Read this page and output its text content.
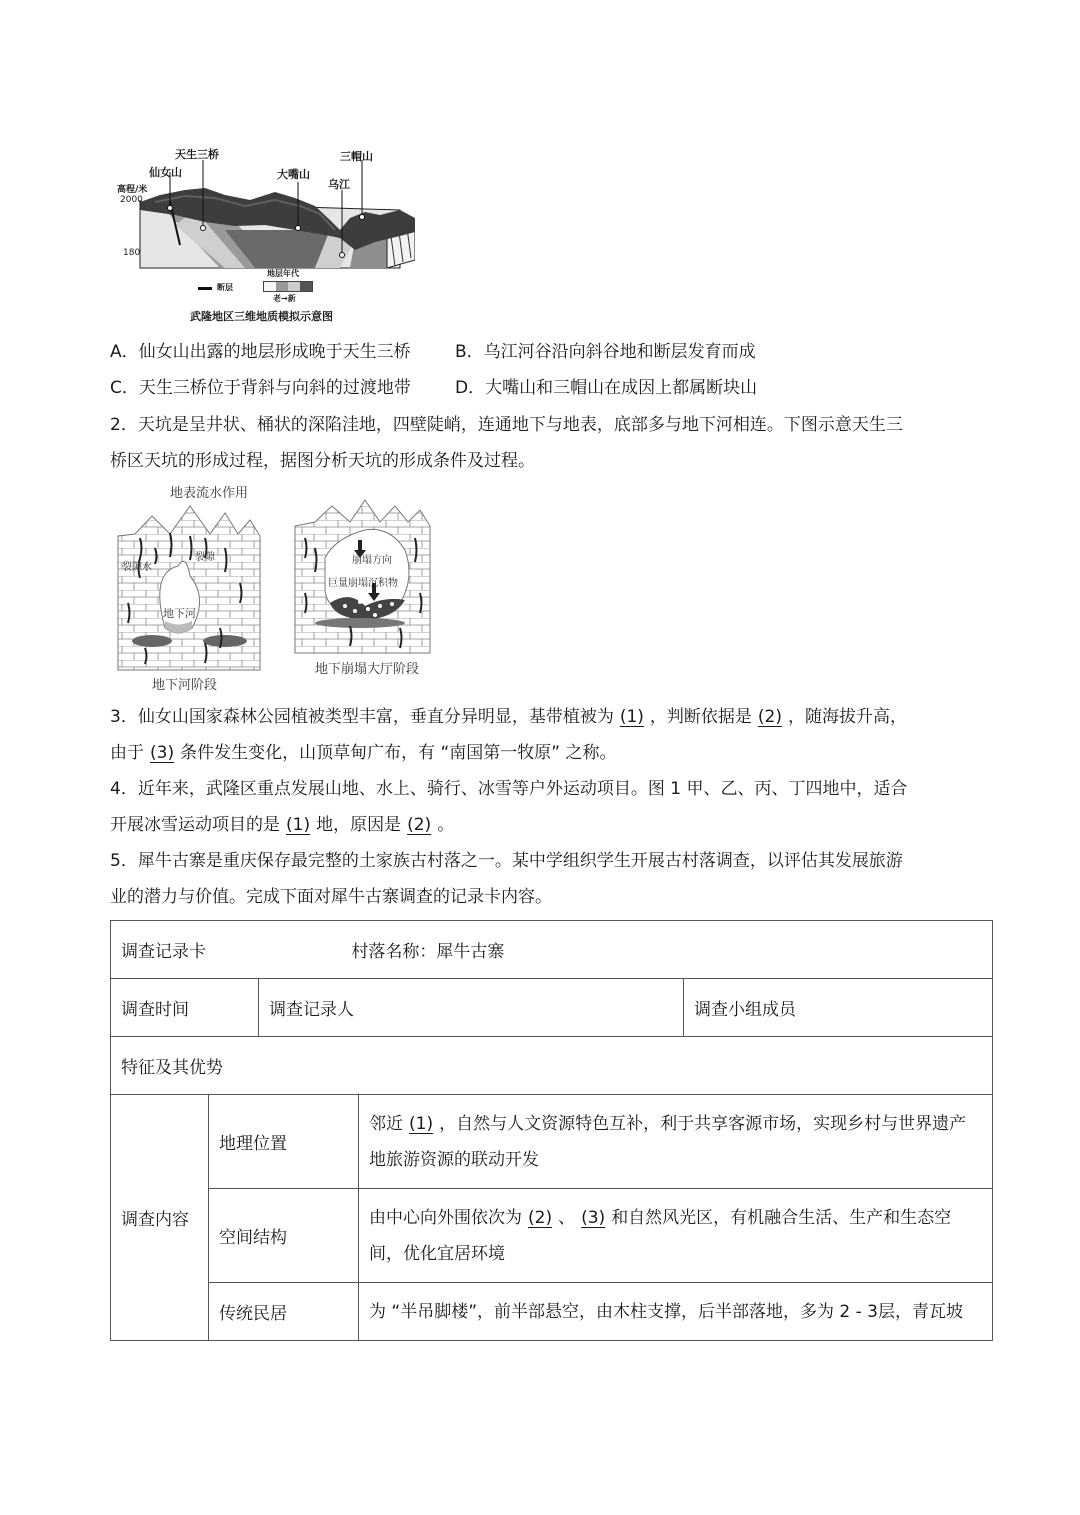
天生三桥
仙女山	大嘴山
乌江
三帽山
高程/米
2000
180
断层
地层年代
老→新
武隆地区三维地质模拟示意图
A．仙女山出露的地层形成晚于天生三桥	B．乌江河谷沿向斜谷地和断层发育而成
C．天生三桥位于背斜与向斜的过渡地带	D．大嘴山和三帽山在成因上都属断块山
2．天坑是呈井状、桶状的深陷洼地，四壁陡峭，连通地下与地表，底部多与地下河相连。下图示意天生三
桥区天坑的形成过程，据图分析天坑的形成条件及过程。
地表流水作用
裂隙
裂隙水
地下河
地下河阶段
崩塌方向
巨量崩塌沉积物
地下崩塌大厅阶段
3．仙女山国家森林公园植被类型丰富，垂直分异明显，基带植被为 (1) ，判断依据是 (2) ，随海拔升高，
由于 (3) 条件发生变化，山顶草甸广布，有 “南国第一牧原” 之称。
4．近年来，武隆区重点发展山地、水上、骑行、冰雪等户外运动项目。图 1 甲、乙、丙、丁四地中，适合
开展冰雪运动项目的是 (1) 地，原因是 (2) 。
5．犀牛古寨是重庆保存最完整的土家族古村落之一。某中学组织学生开展古村落调查，以评估其发展旅游
业的潜力与价值。完成下面对犀牛古寨调查的记录卡内容。
调查记录卡 村落名称：犀牛古寨				
调查时间		调查记录人		调查小组成员
特征及其优势				
调查内容	地理位置		邻近 (1) ，自然与人文资源特色互补，利于共享客源市场，实现乡村与世界遗产
地旅游资源的联动开发	
	空间结构		由中心向外围依次为 (2) 、 (3) 和自然风光区，有机融合生活、生产和生态空
间，优化宜居环境	
	传统民居		为 “半吊脚楼”，前半部悬空，由木柱支撑，后半部落地，多为 2 - 3层，青瓦坡	
